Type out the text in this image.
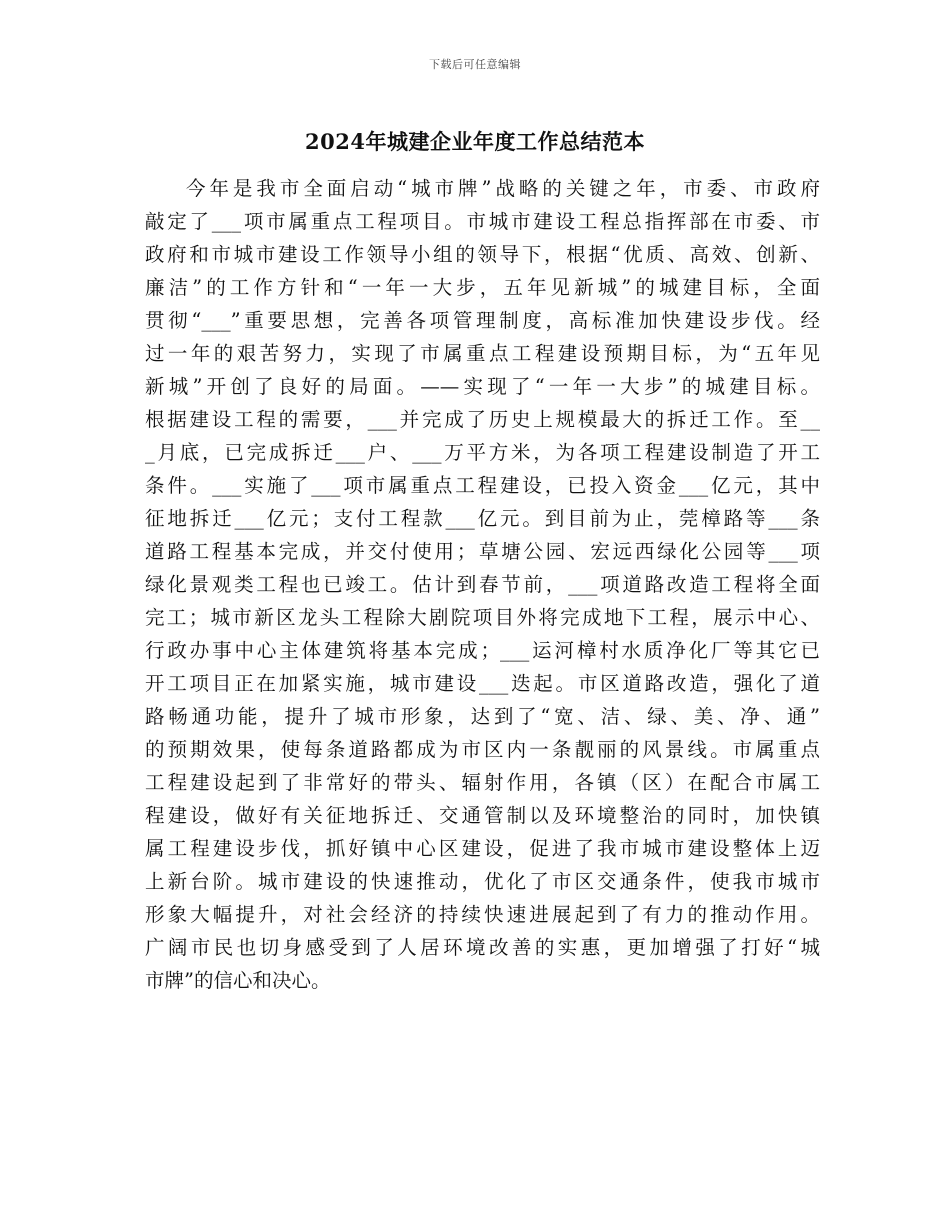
下载后可任意编辑
2024年城建企业年度工作总结范本
今年是我市全面启动“城市牌”战略的关键之年，市委、市政府
敲定了___项市属重点工程项目。市城市建设工程总指挥部在市委、市
政府和市城市建设工作领导小组的领导下，根据“优质、高效、创新、
廉洁”的工作方针和“一年一大步，五年见新城”的城建目标，全面
贯彻“___”重要思想，完善各项管理制度，高标准加快建设步伐。经
过一年的艰苦努力，实现了市属重点工程建设预期目标，为“五年见
新城”开创了良好的局面。——实现了“一年一大步”的城建目标。
根据建设工程的需要，___并完成了历史上规模最大的拆迁工作。至__
_月底，已完成拆迁___户、___万平方米，为各项工程建设制造了开工
条件。___实施了___项市属重点工程建设，已投入资金___亿元，其中
征地拆迁___亿元；支付工程款___亿元。到目前为止，莞樟路等___条
道路工程基本完成，并交付使用；草塘公园、宏远西绿化公园等___项
绿化景观类工程也已竣工。估计到春节前，___项道路改造工程将全面
完工；城市新区龙头工程除大剧院项目外将完成地下工程，展示中心、
行政办事中心主体建筑将基本完成；___运河樟村水质净化厂等其它已
开工项目正在加紧实施，城市建设___迭起。市区道路改造，强化了道
路畅通功能，提升了城市形象，达到了“宽、洁、绿、美、净、通”
的预期效果，使每条道路都成为市区内一条靓丽的风景线。市属重点
工程建设起到了非常好的带头、辐射作用，各镇（区）在配合市属工
程建设，做好有关征地拆迁、交通管制以及环境整治的同时，加快镇
属工程建设步伐，抓好镇中心区建设，促进了我市城市建设整体上迈
上新台阶。城市建设的快速推动，优化了市区交通条件，使我市城市
形象大幅提升，对社会经济的持续快速进展起到了有力的推动作用。
广阔市民也切身感受到了人居环境改善的实惠，更加增强了打好“城
市牌”的信心和决心。
